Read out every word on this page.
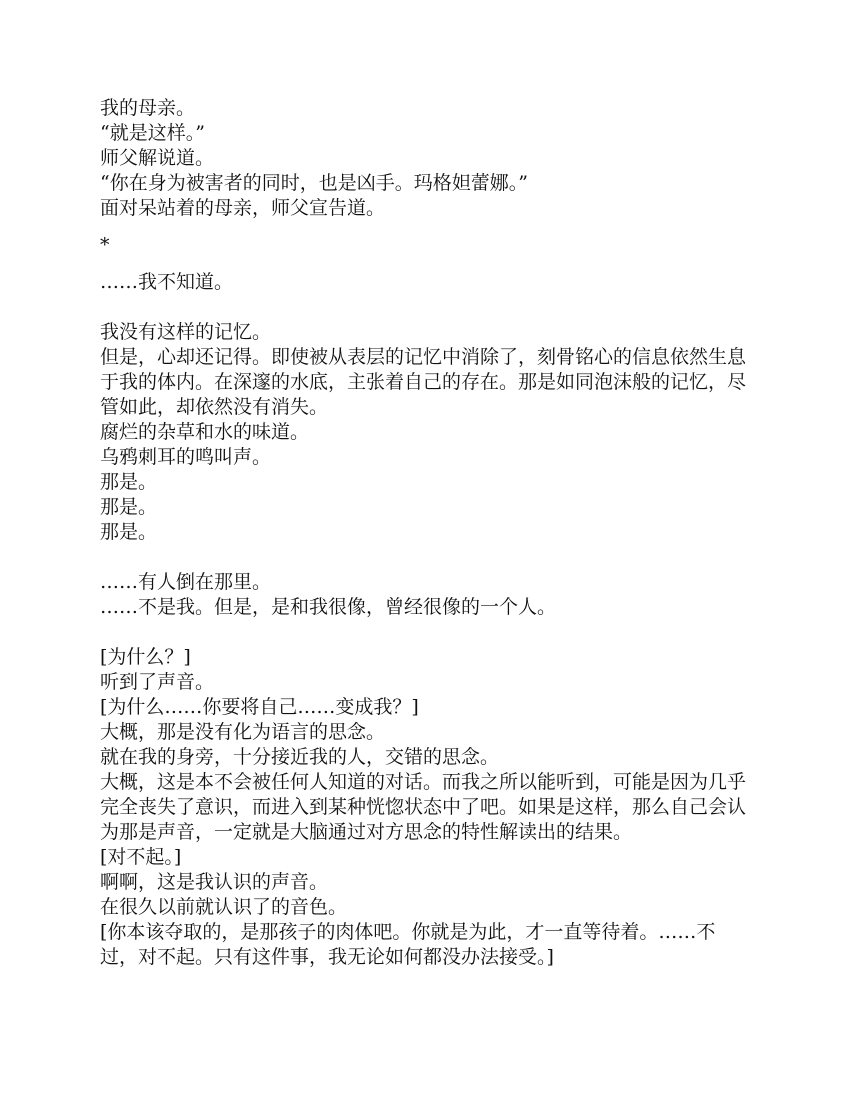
我的母亲。
“就是这样。”
师父解说道。
“你在身为被害者的同时，也是凶手。玛格妲蕾娜。”
面对呆站着的母亲，师父宣告道。
*
……我不知道。
我没有这样的记忆。
但是，心却还记得。即使被从表层的记忆中消除了，刻骨铭心的信息依然生息于我的体内。在深邃的水底，主张着自己的存在。那是如同泡沫般的记忆，尽管如此，却依然没有消失。
腐烂的杂草和水的味道。
乌鸦刺耳的鸣叫声。
那是。
那是。
那是。
……有人倒在那里。
……不是我。但是，是和我很像，曾经很像的一个人。
[为什么？]
听到了声音。
[为什么……你要将自己……变成我？]
大概，那是没有化为语言的思念。
就在我的身旁，十分接近我的人，交错的思念。
大概，这是本不会被任何人知道的对话。而我之所以能听到，可能是因为几乎完全丧失了意识，而进入到某种恍惚状态中了吧。如果是这样，那么自己会认为那是声音，一定就是大脑通过对方思念的特性解读出的结果。
[对不起。]
啊啊，这是我认识的声音。
在很久以前就认识了的音色。
[你本该夺取的，是那孩子的肉体吧。你就是为此，才一直等待着。……不过，对不起。只有这件事，我无论如何都没办法接受。]
